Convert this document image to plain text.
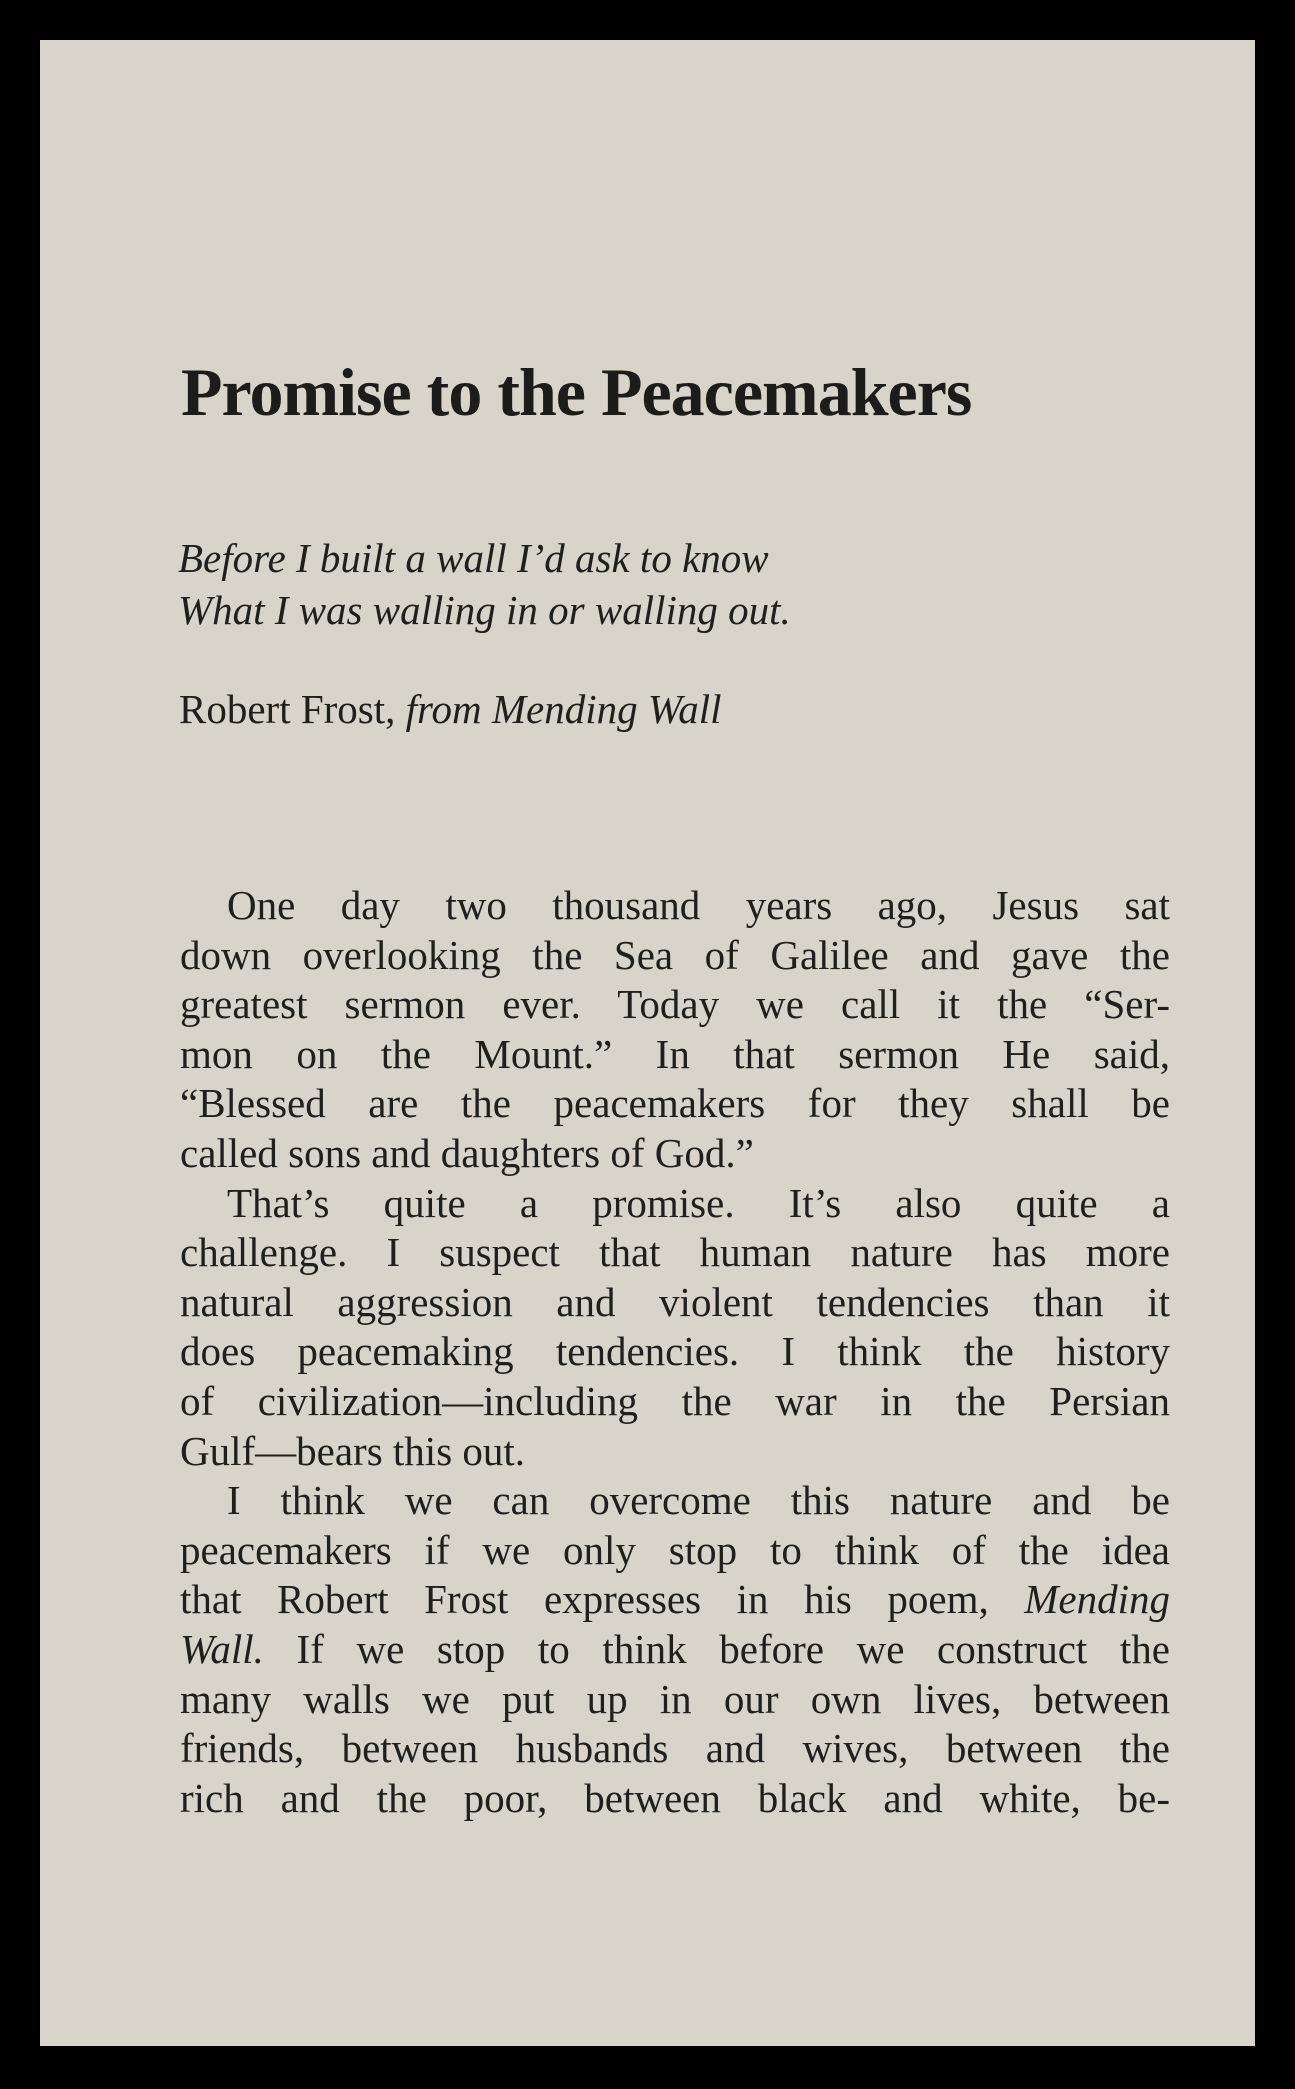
Promise to the Peacemakers
Before I built a wall I’d ask to know
What I was walling in or walling out.
Robert Frost, from Mending Wall
One day two thousand years ago, Jesus sat
down overlooking the Sea of Galilee and gave the
greatest sermon ever. Today we call it the “Ser-
mon on the Mount.” In that sermon He said,
“Blessed are the peacemakers for they shall be
called sons and daughters of God.”
That’s quite a promise. It’s also quite a
challenge. I suspect that human nature has more
natural aggression and violent tendencies than it
does peacemaking tendencies. I think the history
of civilization—including the war in the Persian
Gulf—bears this out.
I think we can overcome this nature and be
peacemakers if we only stop to think of the idea
that Robert Frost expresses in his poem, Mending
Wall. If we stop to think before we construct the
many walls we put up in our own lives, between
friends, between husbands and wives, between the
rich and the poor, between black and white, be-
